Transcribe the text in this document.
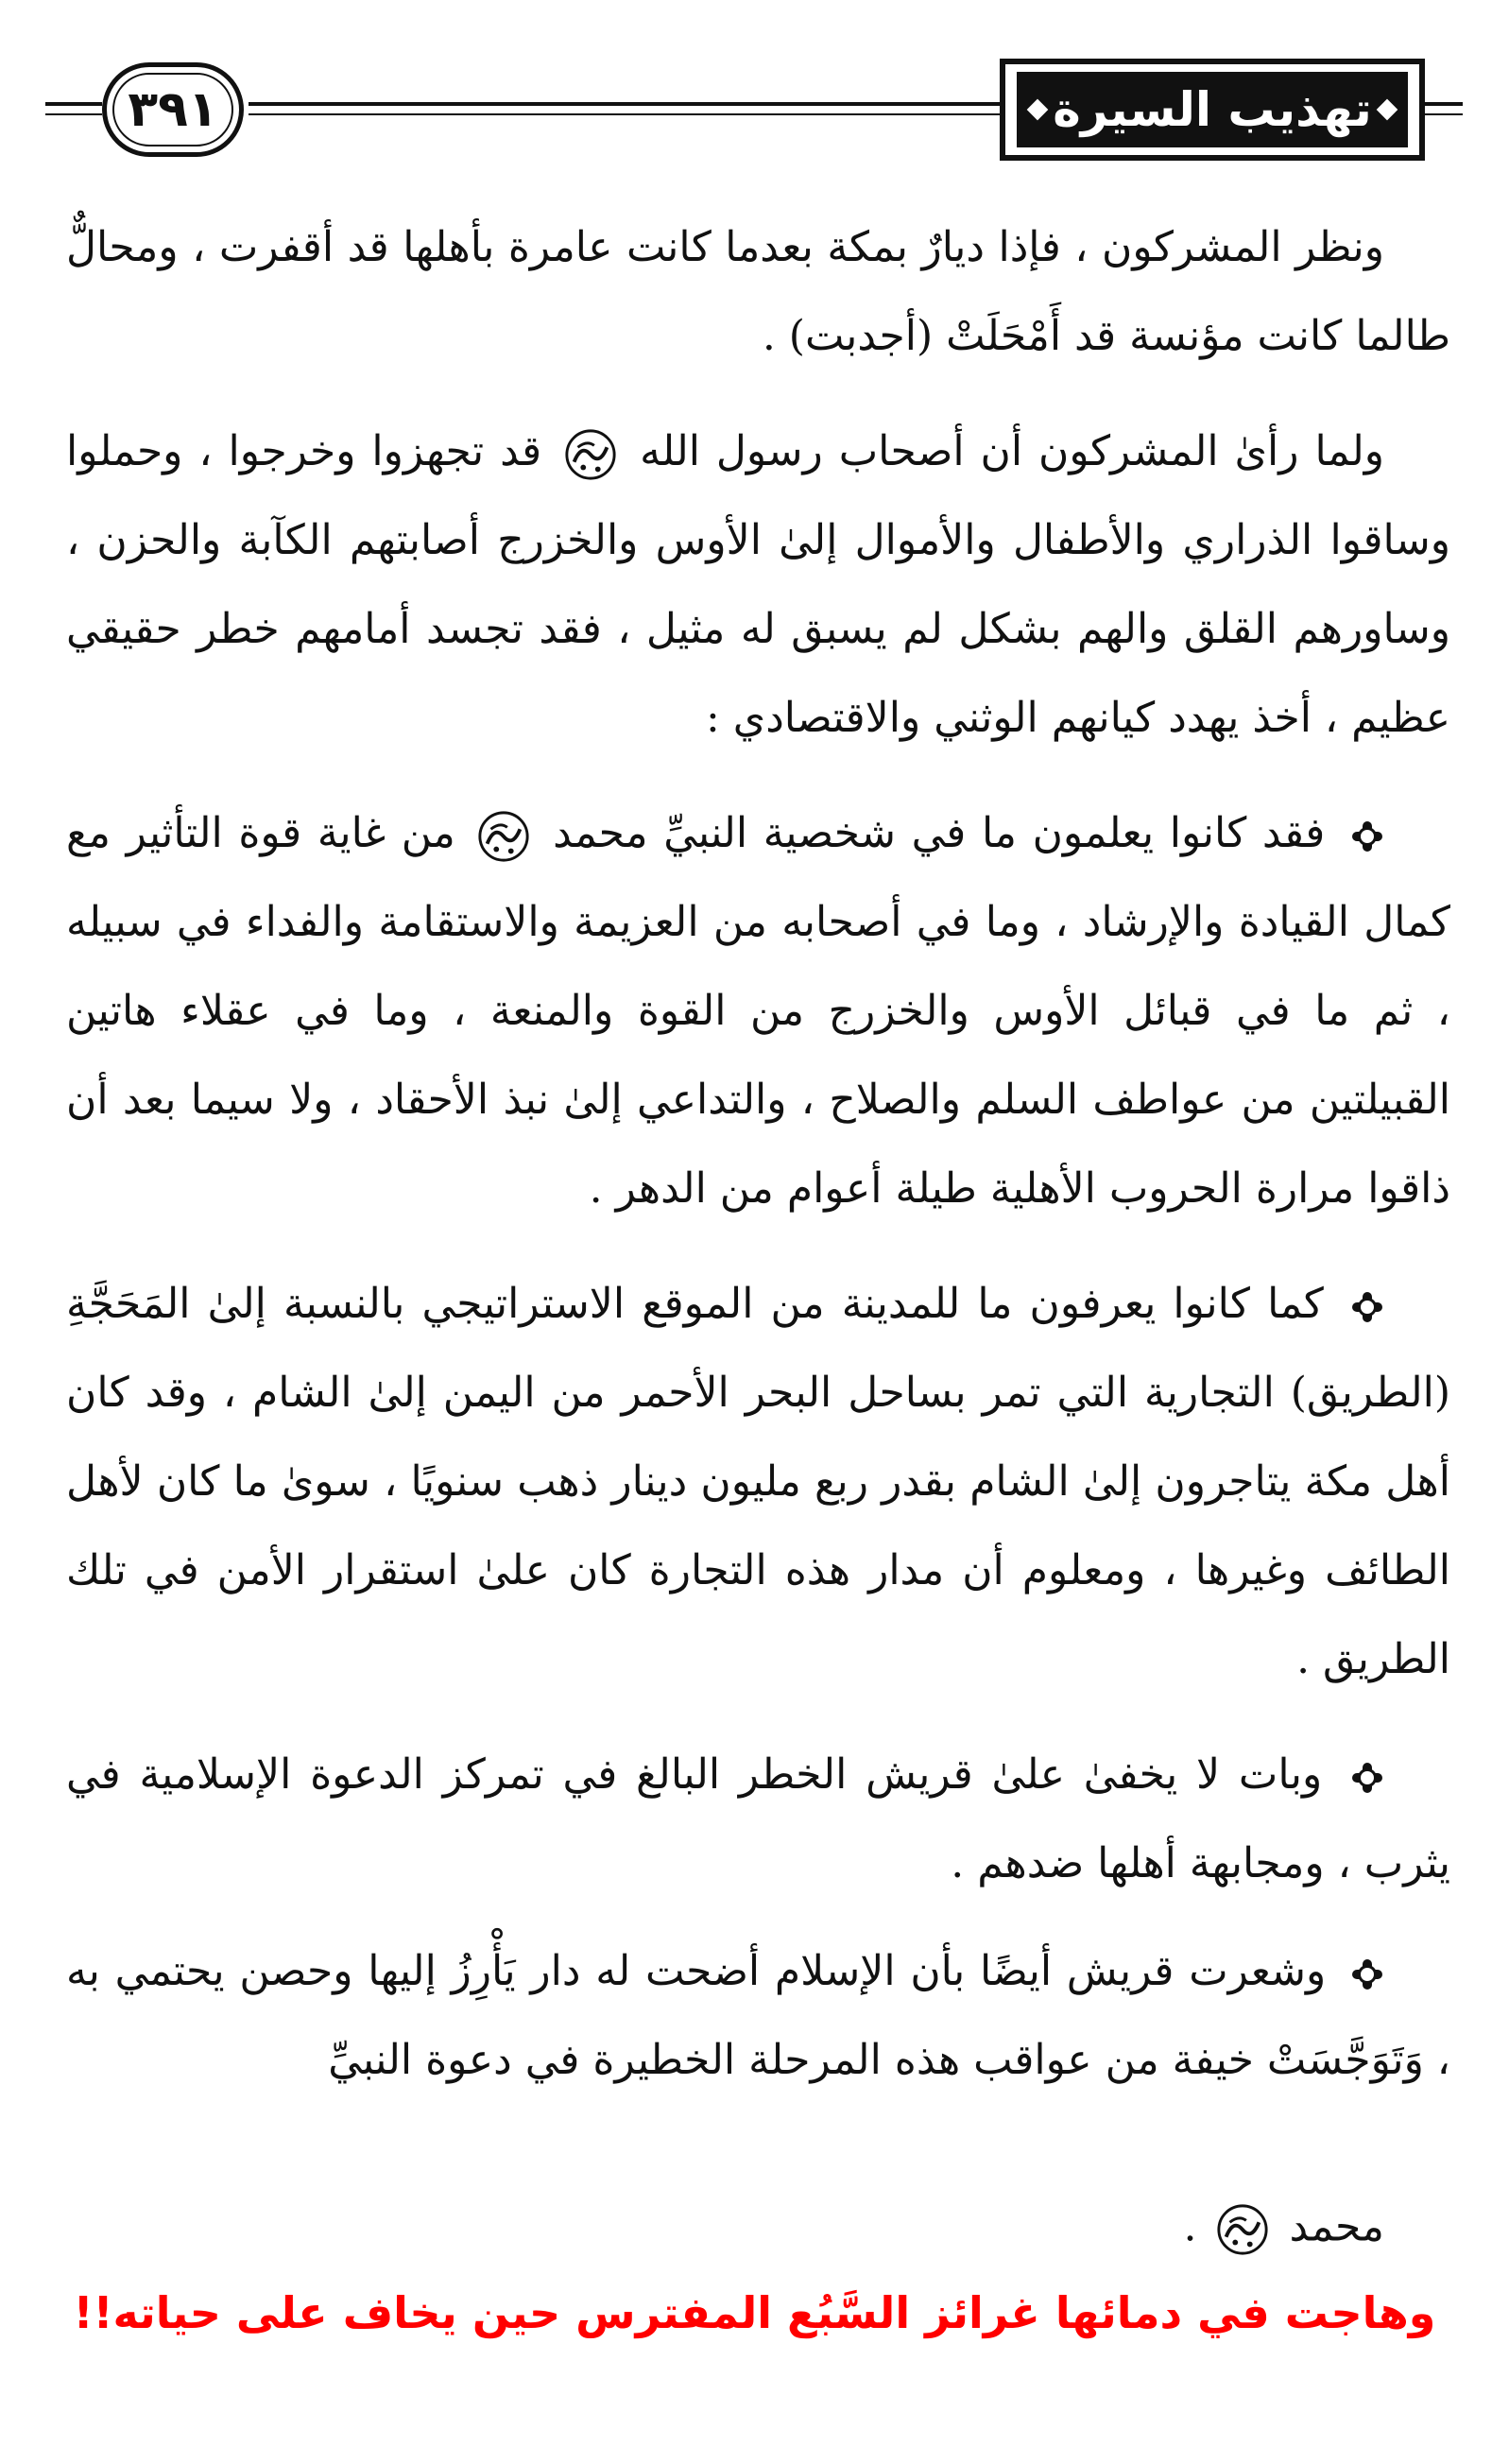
٣٩١	تهذيب السيرة

ونظر المشركون ، فإذا ديارٌ بمكة بعدما كانت عامرة بأهلها قد أقفرت ، ومحالٌّ طالما كانت مؤنسة قد أَمْحَلَتْ (أجدبت) .

ولما رأىٰ المشركون أن أصحاب رسول الله  قد تجهزوا وخرجوا ، وحملوا وساقوا الذراري والأطفال والأموال إلىٰ الأوس والخزرج أصابتهم الكآبة والحزن ، وساورهم القلق والهم بشكل لم يسبق له مثيل ، فقد تجسد أمامهم خطر حقيقي عظيم ، أخذ يهدد كيانهم الوثني والاقتصادي :

فقد كانوا يعلمون ما في شخصية النبيِّ محمد  من غاية قوة التأثير مع كمال القيادة والإرشاد ، وما في أصحابه من العزيمة والاستقامة والفداء في سبيله ، ثم ما في قبائل الأوس والخزرج من القوة والمنعة ، وما في عقلاء هاتين القبيلتين من عواطف السلم والصلاح ، والتداعي إلىٰ نبذ الأحقاد ، ولا سيما بعد أن ذاقوا مرارة الحروب الأهلية طيلة أعوام من الدهر .

كما كانوا يعرفون ما للمدينة من الموقع الاستراتيجي بالنسبة إلىٰ المَحَجَّةِ (الطريق) التجارية التي تمر بساحل البحر الأحمر من اليمن إلىٰ الشام ، وقد كان أهل مكة يتاجرون إلىٰ الشام بقدر ربع مليون دينار ذهب سنويًا ، سوىٰ ما كان لأهل الطائف وغيرها ، ومعلوم أن مدار هذه التجارة كان علىٰ استقرار الأمن في تلك الطريق .

وبات لا يخفىٰ علىٰ قريش الخطر البالغ في تمركز الدعوة الإسلامية في يثرب ، ومجابهة أهلها ضدهم .

وشعرت قريش أيضًا بأن الإسلام أضحت له دار يَأْرِزُ إليها وحصن يحتمي به ، وَتَوَجَّسَتْ خيفة من عواقب هذه المرحلة الخطيرة في دعوة النبيِّ

محمد  .
وهاجت في دمائها غرائز السَّبُع المفترس حين يخاف على حياته!!
